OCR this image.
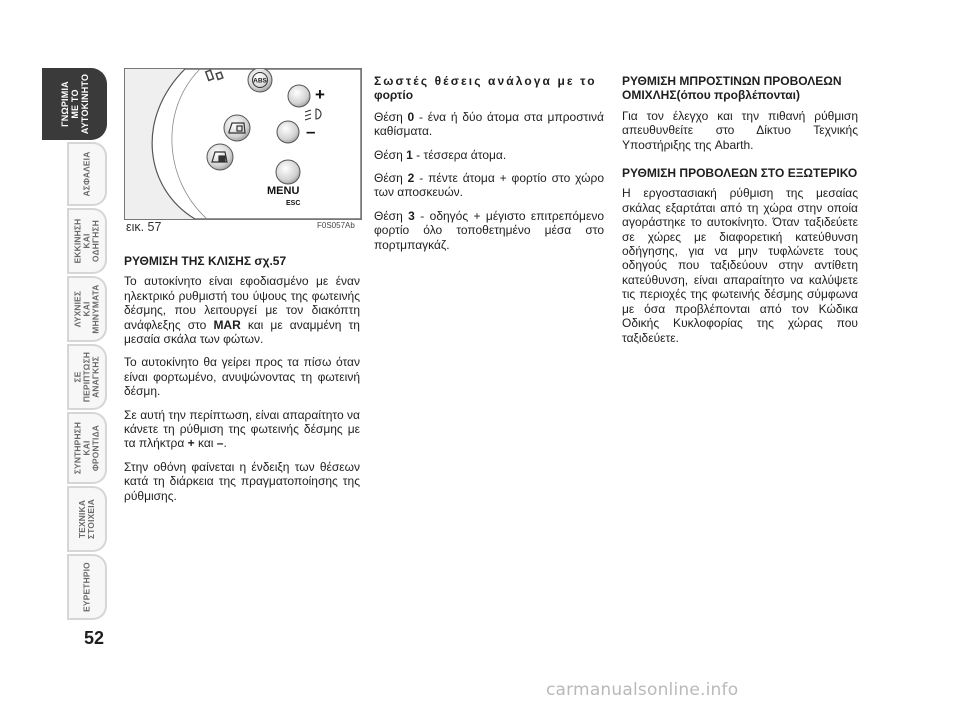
ΓΝΩΡΙΜΙΑ
ΜΕ ΤΟ
ΑΥΤΟΚΙΝΗΤΟ
ΑΣΦΑΛΕΙΑ
ΕΚΚΙΝΗΣΗ
ΚΑΙ
ΟΔΗΓΗΣΗ
ΛΥΧΝΙΕΣ
ΚΑΙ
ΜΗΝΥΜΑΤΑ
ΣΕ
ΠΕΡΙΠΤΩΣΗ
ΑΝΑΓΚΗΣ
ΣΥΝΤΗΡΗΣΗ
ΚΑΙ
ΦΡΟΝΤΙΔΑ
ΤΕΧΝΙΚΑ
ΣΤΟΙΧΕΙΑ
ΕΥΡΕΤΗΡΙΟ
52
ABS
+
–
MENU
ESC
εικ. 57	F0S057Ab

ΡΥΘΜΙΣΗ ΤΗΣ ΚΛΙΣΗΣ σχ.57

Το αυτοκίνητο είναι εφοδιασμένο με έναν ηλεκτρικό ρυθμιστή του ύψους της φωτεινής δέσμης, που λειτουργεί με τον διακόπτη ανάφλεξης στο MAR και με αναμμένη τη μεσαία σκάλα των φώτων.

Το αυτοκίνητο θα γείρει προς τα πίσω όταν είναι φορτωμένο, ανυψώνοντας τη φωτεινή δέσμη.

Σε αυτή την περίπτωση, είναι απαραίτητο να κάνετε τη ρύθμιση της φωτεινής δέσμης με τα πλήκτρα + και –.

Στην οθόνη φαίνεται η ένδειξη των θέσεων κατά τη διάρκεια της πραγματοποίησης της ρύθμισης.

Σωστές θέσεις ανάλογα με το
φορτίο

Θέση 0 - ένα ή δύο άτομα στα μπροστινά καθίσματα.

Θέση 1 - τέσσερα άτομα.

Θέση 2 - πέντε άτομα + φορτίο στο χώρο των αποσκευών.

Θέση 3 - οδηγός + μέγιστο επιτρεπόμενο φορτίο όλο τοποθετημένο μέσα στο πορτμπαγκάζ.

ΡΥΘΜΙΣΗ ΜΠΡΟΣΤΙΝΩΝ ΠΡΟΒΟΛΕΩΝ
ΟΜΙΧΛΗΣ(όπου προβλέπονται)

Για τον έλεγχο και την πιθανή ρύθμιση απευθυνθείτε στο Δίκτυο Τεχνικής Υποστήριξης της Abarth.

ΡΥΘΜΙΣΗ ΠΡΟΒΟΛΕΩΝ ΣΤΟ ΕΞΩΤΕΡΙΚΟ

Η εργοστασιακή ρύθμιση της μεσαίας σκάλας εξαρτάται από τη χώρα στην οποία αγοράστηκε το αυτοκίνητο. Όταν ταξιδεύετε σε χώρες με διαφορετική κατεύθυνση οδήγησης, για να μην τυφλώνετε τους οδηγούς που ταξιδεύουν στην αντίθετη κατεύθυνση, είναι απαραίτητο να καλύψετε τις περιοχές της φωτεινής δέσμης σύμφωνα με όσα προβλέπονται από τον Κώδικα Οδικής Κυκλοφορίας της χώρας που ταξιδεύετε.

carmanualsonline.info
